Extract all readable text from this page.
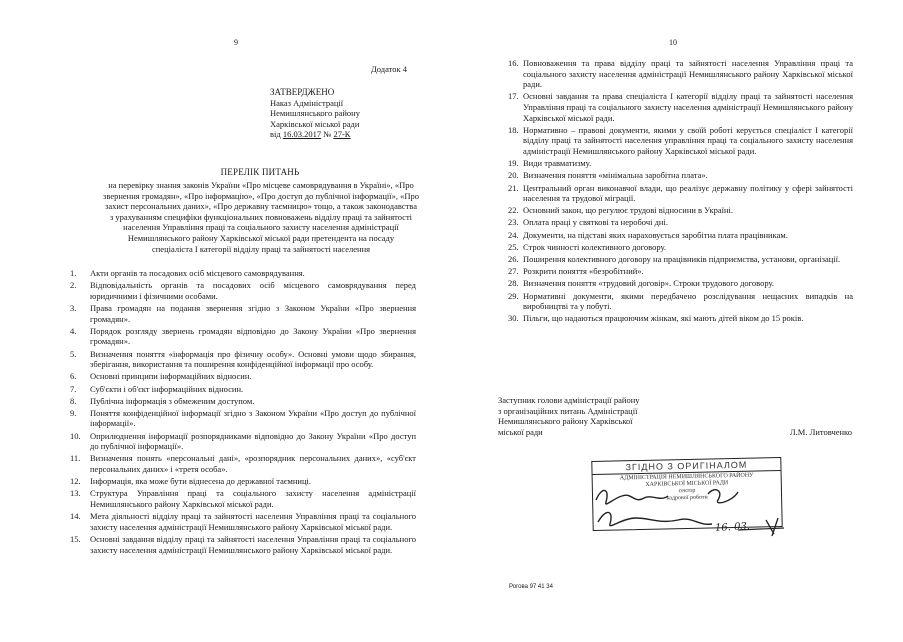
9
Додаток 4
ЗАТВЕРДЖЕНО
Наказ Адміністрації
Немишлянського району
Харківської міської ради
від 16.03.2017 № 27-К
ПЕРЕЛІК ПИТАНЬ
на перевірку знання законів України «Про місцеве самоврядування в Україні», «Про
звернення громадян», «Про інформацію», «Про доступ до публічної інформації», «Про
захист персональних даних», «Про державну таємницю» тощо, а також законодавства
з урахуванням специфіки функціональних повноважень відділу праці та зайнятості
населення Управління праці та соціального захисту населення адміністрації
Немишлянського району Харківської міської ради претендента на посаду
спеціаліста І категорії відділу праці та зайнятості населення
1.	Акти органів та посадових осіб місцевого самоврядування.
2.	Відповідальність органів та посадових осіб місцевого самоврядування перед юридичними і фізичними особами.
3.	Права громадян на подання звернення згідно з Законом України «Про звернення громадян».
4.	Порядок розгляду звернень громадян відповідно до Закону України «Про звернення громадян».
5.	Визначення поняття «інформація про фізичну особу». Основні умови щодо збирання, зберігання, використання та поширення конфіденційної інформації про особу.
6.	Основні принципи інформаційних відносин.
7.	Суб'єкти і об'єкт інформаційних відносин.
8.	Публічна інформація з обмеженим доступом.
9.	Поняття конфіденційної інформації згідно з Законом України «Про доступ до публічної інформації».
10.	Оприлюднення інформації розпорядниками відповідно до Закону України «Про доступ до публічної інформації».
11.	Визначення понять «персональні дані», «розпорядник персональних даних», «суб'єкт персональних даних» і «третя особа».
12.	Інформація, яка може бути віднесена до державної таємниці.
13.	Структура Управління праці та соціального захисту населення адміністрації Немишлянського району Харківської міської ради.
14.	Мета діяльності відділу праці та зайнятості населення Управління праці та соціального захисту населення адміністрації Немишлянського району Харківської міської ради.
15.	Основні завдання відділу праці та зайнятості населення Управління праці та соціального захисту населення адміністрації Немишлянського району Харківської міської ради.
10
16. Повноваження та права відділу праці та зайнятості населення Управління праці та соціального захисту населення адміністрації Немишлянського району Харківської міської ради.
17. Основні завдання та права спеціаліста І категорії відділу праці та зайнятості населення Управління праці та соціального захисту населення адміністрації Немишлянського району Харківської міської ради.
18. Нормативно – правові документи, якими у своїй роботі керується спеціаліст І категорії відділу праці та зайнятості населення управління праці та соціального захисту населення адміністрації Немишлянського району Харківської міської ради.
19. Види травматизму.
20. Визначення поняття «мінімальна заробітна плата».
21. Центральний орган виконавчої влади, що реалізує державну політику у сфері зайнятості населення та трудової міграції.
22. Основний закон, що регулює трудові відносини в Україні.
23. Оплата праці у святкові та неробочі дні.
24. Документи, на підставі яких нараховується заробітна плата працівникам.
25. Строк чинності колективного договору.
26. Поширення колективного договору на працівників підприємства, установи, організації.
27. Розкрити поняття «безробітний».
28. Визначення поняття «трудовий договір». Строки трудового договору.
29. Нормативні документи, якими передбачено розслідування нещасних випадків на виробництві та у побуті.
30. Пільги, що надаються працюючим жінкам, які мають дітей віком до 15 років.
Заступник голови адміністрації району
з організаційних питань Адміністрації
Немишлянського району Харківської
міської ради	Л.М. Литовченко
ЗГІДНО З ОРИГІНАЛОМ
АДМІНІСТРАЦІЯ НЕМИШЛЯНСЬКОГО РАЙОНУ
ХАРКІВСЬКОЇ МІСЬКОЇ РАДИ
сектор
кадрової роботи
16. 03.
Рогова 97 41 34
